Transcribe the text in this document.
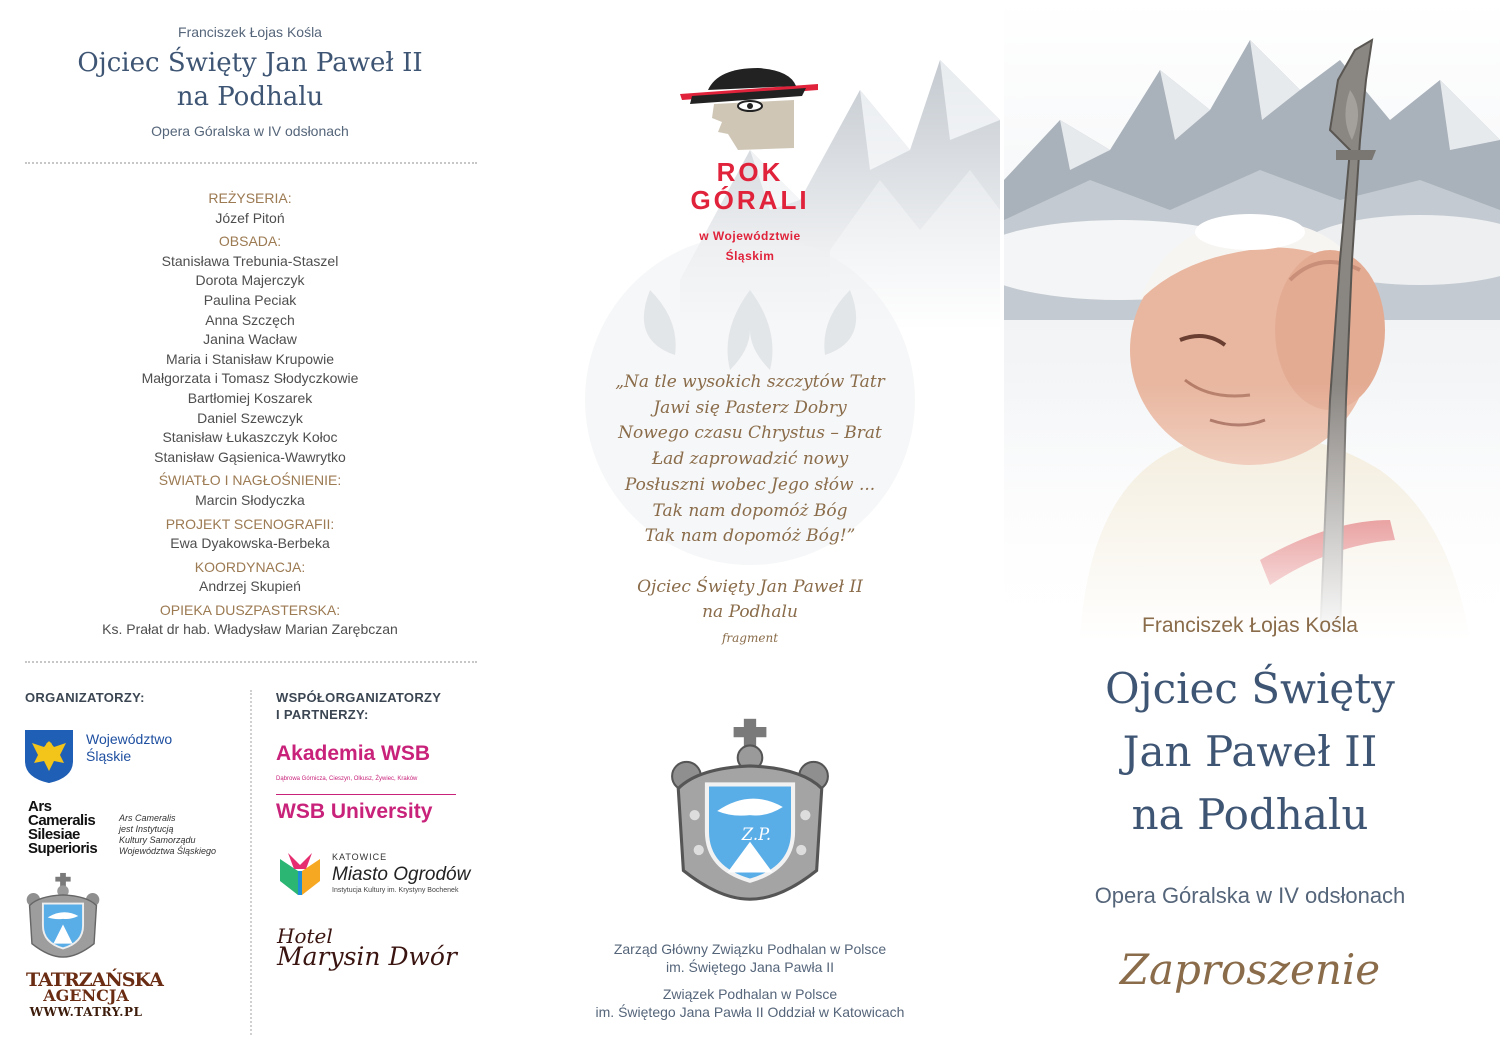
Franciszek Łojas Kośla
Ojciec Święty Jan Paweł II
na Podhalu
Opera Góralska w IV odsłonach
REŻYSERIA:
Józef Pitoń
OBSADA:
Stanisława Trebunia-Staszel
Dorota Majerczyk
Paulina Peciak
Anna Szczęch
Janina Wacław
Maria i Stanisław Krupowie
Małgorzata i Tomasz Słodyczkowie
Bartłomiej Koszarek
Daniel Szewczyk
Stanisław Łukaszczyk Kołoc
Stanisław Gąsienica-Wawrytko
ŚWIATŁO I NAGŁOŚNIENIE:
Marcin Słodyczka
PROJEKT SCENOGRAFII:
Ewa Dyakowska-Berbeka
KOORDYNACJA:
Andrzej Skupień
OPIEKA DUSZPASTERSKA:
Ks. Prałat dr hab. Władysław Marian Zarębczan
ORGANIZATORZY:	WSPÓŁORGANIZATORZY
I PARTNERZY:
Województwo
Śląskie
Ars
Cameralis
Silesiae
Superioris
Ars Cameralis
jest Instytucją
Kultury Samorządu
Województwa Śląskiego
TATRZAŃSKA
AGENCJA
WWW.TATRY.PL
Akademia WSB
Dąbrowa Górnicza, Cieszyn, Olkusz, Żywiec, Kraków
WSB University
KATOWICE
Miasto Ogrodów
Instytucja Kultury im. Krystyny Bochenek
Hotel
Marysin Dwór
ROK
GÓRALI
w Województwie
Śląskim
„Na tle wysokich szczytów Tatr
Jawi się Pasterz Dobry
Nowego czasu Chrystus – Brat
Ład zaprowadzić nowy
Posłuszni wobec Jego słów ...
Tak nam dopomóż Bóg
Tak nam dopomóż Bóg!”
Ojciec Święty Jan Paweł II
na Podhalu
fragment
Z.P.
Zarząd Główny Związku Podhalan w Polsce
im. Świętego Jana Pawła II
Związek Podhalan w Polsce
im. Świętego Jana Pawła II Oddział w Katowicach
Franciszek Łojas Kośla
Ojciec Święty
Jan Paweł II
na Podhalu
Opera Góralska w IV odsłonach
Zaproszenie
